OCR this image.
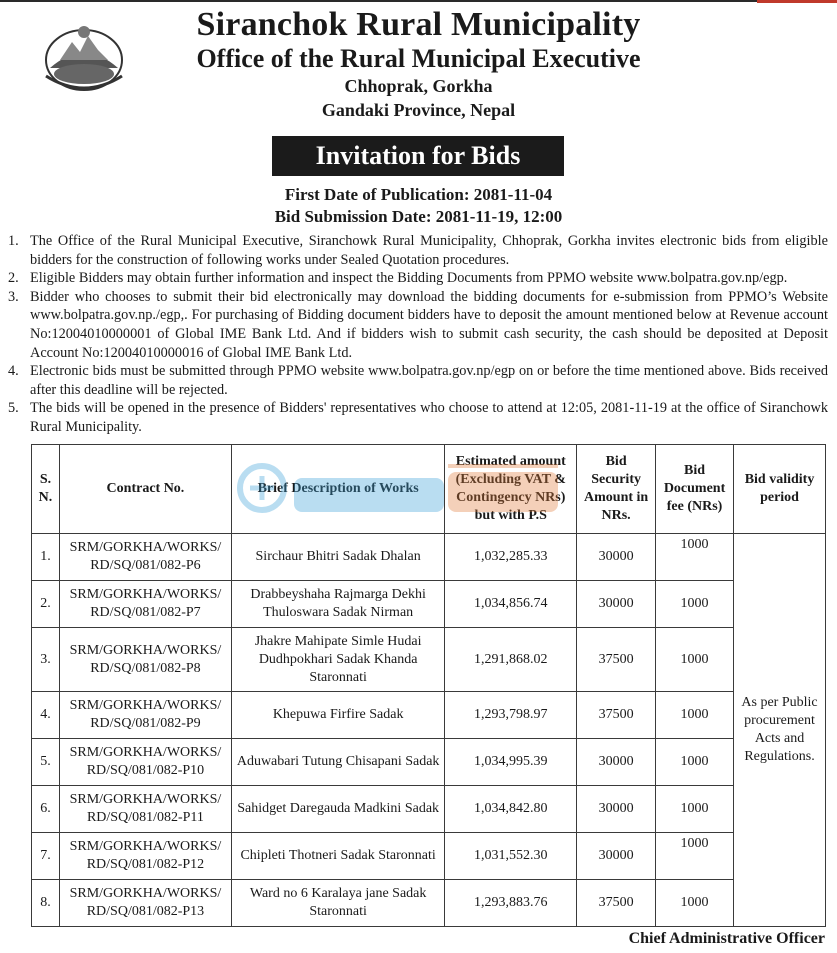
Siranchok Rural Municipality
Office of the Rural Municipal Executive
Chhoprak, Gorkha
Gandaki Province, Nepal
Invitation for Bids
First Date of Publication: 2081-11-04
Bid Submission Date: 2081-11-19, 12:00
1. The Office of the Rural Municipal Executive, Siranchowk Rural Municipality, Chhoprak, Gorkha invites electronic bids from eligible bidders for the construction of following works under Sealed Quotation procedures.
2. Eligible Bidders may obtain further information and inspect the Bidding Documents from PPMO website www.bolpatra.gov.np/egp.
3. Bidder who chooses to submit their bid electronically may download the bidding documents for e-submission from PPMO’s Website www.bolpatra.gov.np./egp,. For purchasing of Bidding document bidders have to deposit the amount mentioned below at Revenue account No:12004010000001 of Global IME Bank Ltd. And if bidders wish to submit cash security, the cash should be deposited at Deposit Account No:12004010000016 of Global IME Bank Ltd.
4. Electronic bids must be submitted through PPMO website www.bolpatra.gov.np/egp on or before the time mentioned above. Bids received after this deadline will be rejected.
5. The bids will be opened in the presence of Bidders' representatives who choose to attend at 12:05, 2081-11-19 at the office of Siranchowk Rural Municipality.
S. N.	Contract No.	Brief Description of Works	Estimated amount (Excluding VAT & Contingency NRs) but with P.S	Bid Security Amount in NRs.	Bid Document fee (NRs)	Bid validity period
1.	SRM/GORKHA/WORKS/ RD/SQ/081/082-P6	Sirchaur Bhitri Sadak Dhalan	1,032,285.33	30000	1000	As per Public procurement Acts and Regulations.
2.	SRM/GORKHA/WORKS/ RD/SQ/081/082-P7	Drabbeyshaha Rajmarga Dekhi Thuloswara Sadak Nirman	1,034,856.74	30000	1000	
3.	SRM/GORKHA/WORKS/ RD/SQ/081/082-P8	Jhakre Mahipate Simle Hudai Dudhpokhari Sadak Khanda Staronnati	1,291,868.02	37500	1000	
4.	SRM/GORKHA/WORKS/ RD/SQ/081/082-P9	Khepuwa Firfire Sadak	1,293,798.97	37500	1000	
5.	SRM/GORKHA/WORKS/ RD/SQ/081/082-P10	Aduwabari Tutung Chisapani Sadak	1,034,995.39	30000	1000	
6.	SRM/GORKHA/WORKS/ RD/SQ/081/082-P11	Sahidget Daregauda Madkini Sadak	1,034,842.80	30000	1000	
7.	SRM/GORKHA/WORKS/ RD/SQ/081/082-P12	Chipleti Thotneri Sadak Staronnati	1,031,552.30	30000	1000	
8.	SRM/GORKHA/WORKS/ RD/SQ/081/082-P13	Ward no 6 Karalaya jane Sadak Staronnati	1,293,883.76	37500	1000	
Chief Administrative Officer
